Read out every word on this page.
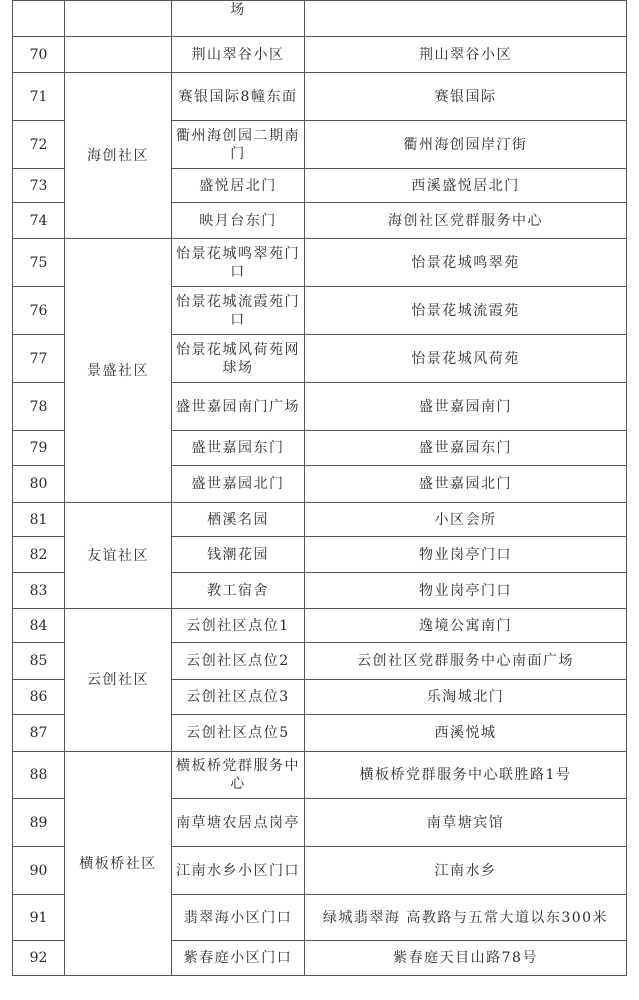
		场	
70		荆山翠谷小区	荆山翠谷小区
71	海创社区	赛银国际8幢东面	赛银国际
72		衢州海创园二期南门	衢州海创园岸汀街
73		盛悦居北门	西溪盛悦居北门
74		映月台东门	海创社区党群服务中心
75	景盛社区	怡景花城鸣翠苑门口	怡景花城鸣翠苑
76		怡景花城流霞苑门口	怡景花城流霞苑
77		怡景花城风荷苑网球场	怡景花城风荷苑
78		盛世嘉园南门广场	盛世嘉园南门
79		盛世嘉园东门	盛世嘉园东门
80		盛世嘉园北门	盛世嘉园北门
81	友谊社区	栖溪名园	小区会所
82		钱潮花园	物业岗亭门口
83		教工宿舍	物业岗亭门口
84	云创社区	云创社区点位1	逸境公寓南门
85		云创社区点位2	云创社区党群服务中心南面广场
86		云创社区点位3	乐淘城北门
87		云创社区点位5	西溪悦城
88	横板桥社区	横板桥党群服务中心	横板桥党群服务中心联胜路1号
89		南草塘农居点岗亭	南草塘宾馆
90		江南水乡小区门口	江南水乡
91		翡翠海小区门口	绿城翡翠海 高教路与五常大道以东300米
92		紫春庭小区门口	紫春庭天目山路78号
